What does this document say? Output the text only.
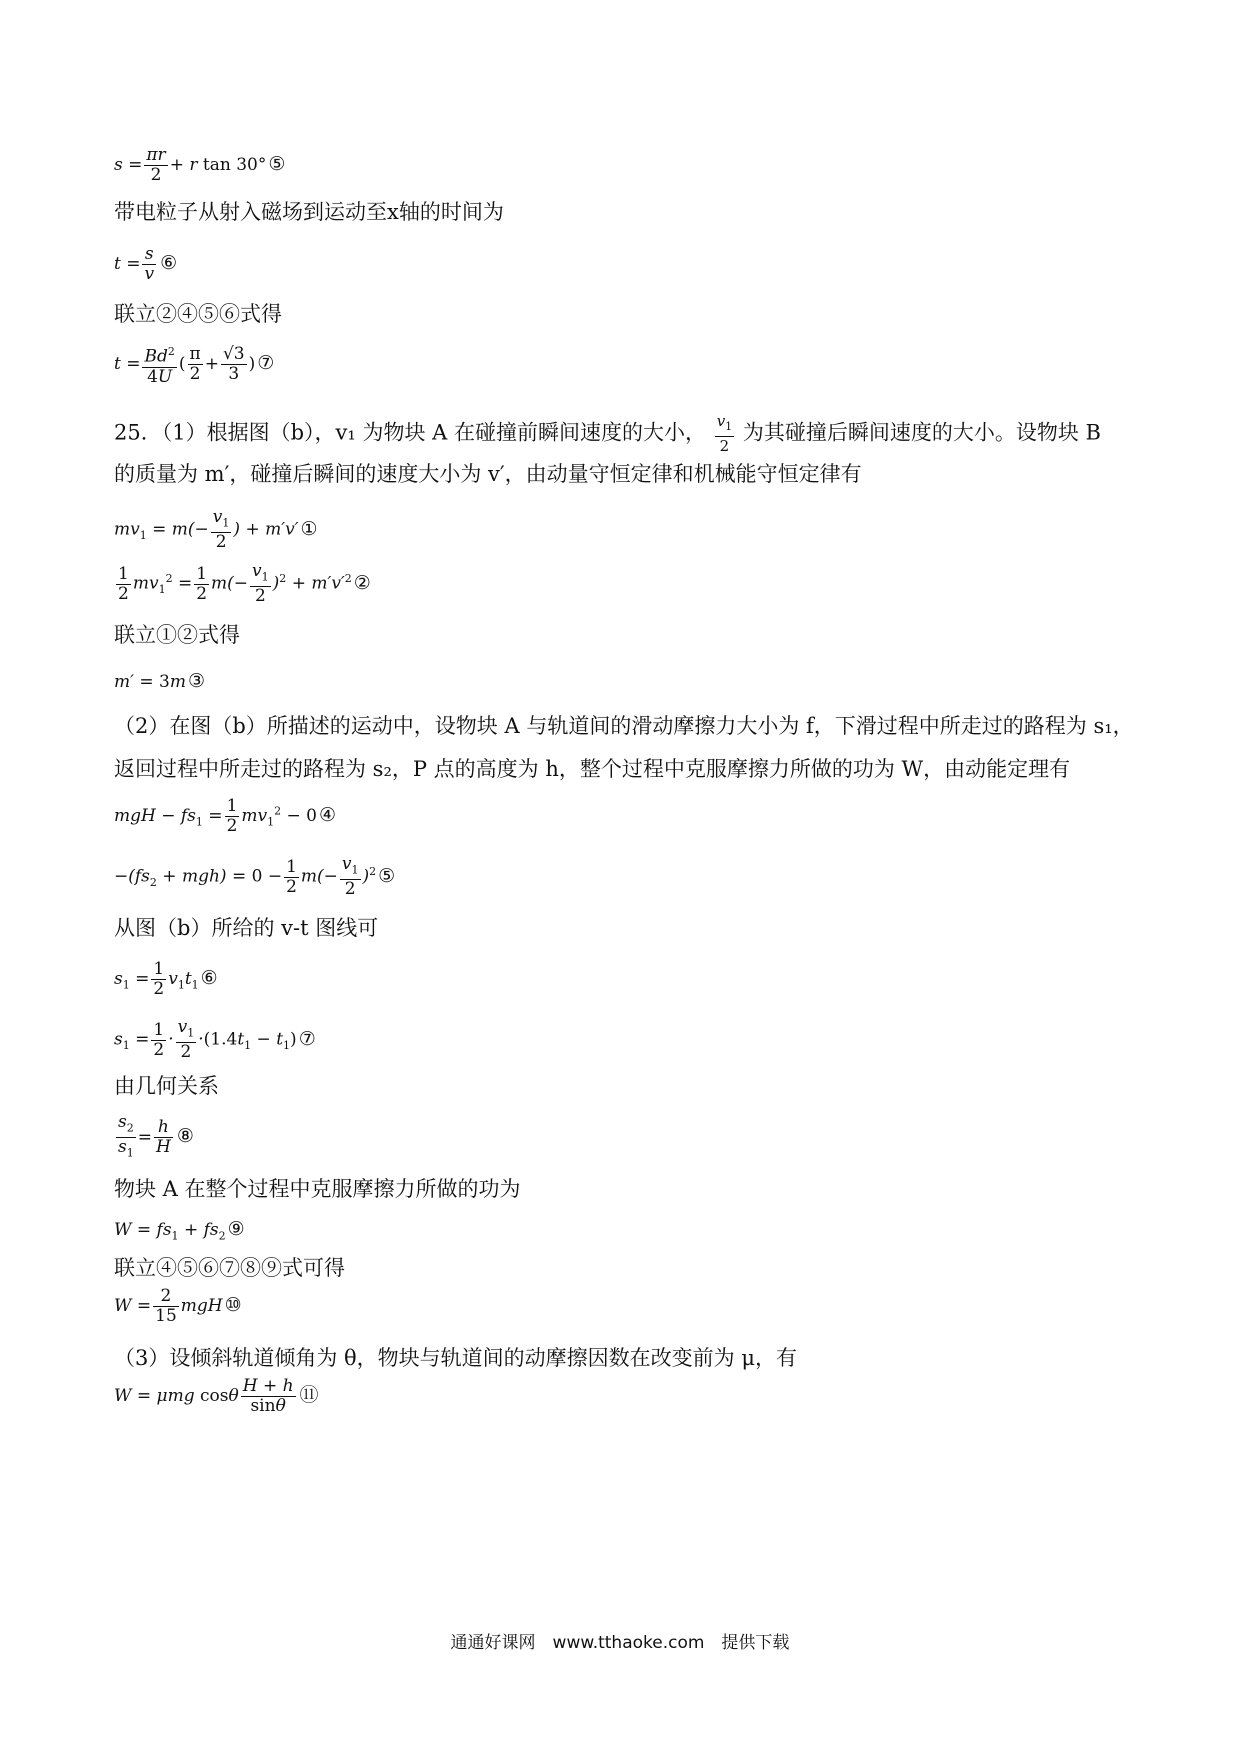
$s = \frac{\pi r}{2} + r$ tan 30° ⑤
带电粒子从射入磁场到运动至x轴的时间为
$t = \frac{s}{v}$ ⑥
联立②④⑤⑥式得
$t = \frac{Bd^2}{4U}$ ( $\frac{\pi}{2} + \frac{√3}{3}$ ) ⑦
25．（1）根据图（b），v₁ 为物块 A 在碰撞前瞬间速度的大小， $\frac{v_1}{2}$ 为其碰撞后瞬间速度的大小。设物块 B
的质量为 m′，碰撞后瞬间的速度大小为 v′，由动量守恒定律和机械能守恒定律有
$mv_1 = m(- \frac{v_1}{2}$ ) + m′v′ ①
$\frac{1}{2} mv_1^2 = \frac{1}{2} m(- \frac{v_1}{2} )^2 + m'v'^2$ ②
联立①②式得
m′ = 3m ③
（2）在图（b）所描述的运动中，设物块 A 与轨道间的滑动摩擦力大小为 f，下滑过程中所走过的路程为 s₁，
返回过程中所走过的路程为 s₂，P 点的高度为 h，整个过程中克服摩擦力所做的功为 W，由动能定理有
mgH − $fs_1 = \frac{1}{2} mv_1^2 - 0$ ④
$-(fs_2 + mgh) = 0 - \frac{1}{2} m(- \frac{v_1}{2} )^2$ ⑤
从图（b）所给的 v-t 图线可
$s_1 = \frac{1}{2} v_1t_1$ ⑥
$s_1 = \frac{1}{2} \cdot \frac{v_1}{2} \cdot(1.4t_1 - t_1)$ ⑦
由几何关系
$\frac{s_2}{s_1} = \frac{h}{H}$ ⑧
物块 A 在整个过程中克服摩擦力所做的功为
$W = fs_1 + fs_2$ ⑨
联立④⑤⑥⑦⑧⑨式可得
$W = \frac{2}{15}$ mgH ⑩
（3）设倾斜轨道倾角为 θ，物块与轨道间的动摩擦因数在改变前为 μ，有
W = μmg cosθ $\frac{H + h}{\sin\theta}$ ⑪
通通好课网　www.tthaoke.com　提供下载
